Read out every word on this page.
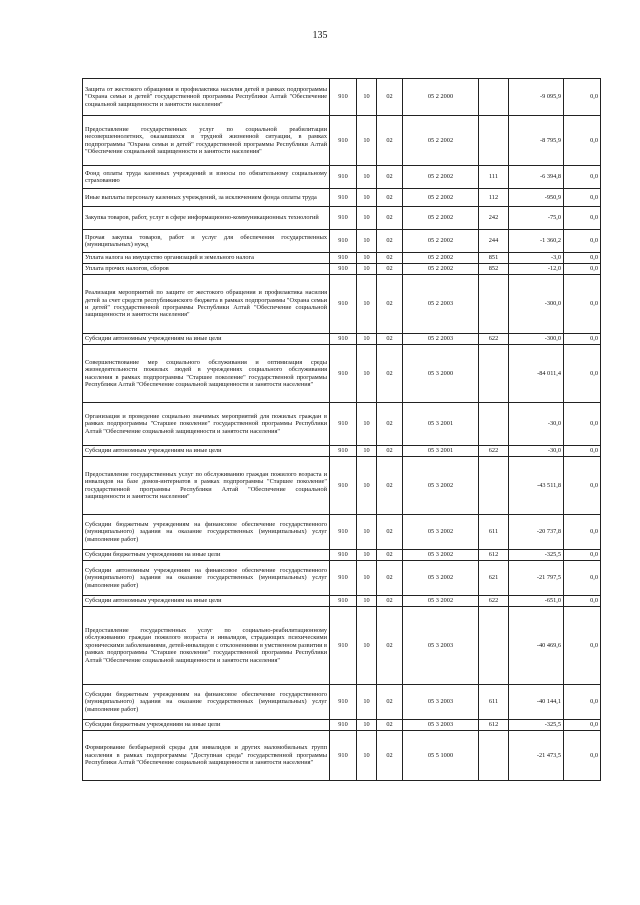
135
Защита от жестокого обращения и профилактика насилия детей в рамках подпрограммы "Охрана семьи и детей" государственной программы Республики Алтай "Обеспечение социальной защищенности и занятости населения"	910	10	02	05 2 2000		-9 095,9	0,0
Предоставление государственных услуг по социальной реабилитации несовершеннолетних, оказавшихся в трудной жизненной ситуации, в рамках подпрограммы "Охрана семьи и детей" государственной программы Республики Алтай "Обеспечение социальной защищенности и занятости населения"	910	10	02	05 2 2002		-8 795,9	0,0
Фонд оплаты труда казенных учреждений и взносы по обязательному социальному страхованию	910	10	02	05 2 2002	111	-6 394,8	0,0
Иные выплаты персоналу казенных учреждений, за исключением фонда оплаты труда	910	10	02	05 2 2002	112	-950,9	0,0
Закупка товаров, работ, услуг в сфере информационно-коммуникационных технологий	910	10	02	05 2 2002	242	-75,0	0,0
Прочая закупка товаров, работ и услуг для обеспечения государственных (муниципальных) нужд	910	10	02	05 2 2002	244	-1 360,2	0,0
Уплата налога на имущество организаций и земельного налога	910	10	02	05 2 2002	851	-3,0	0,0
Уплата прочих налогов, сборов	910	10	02	05 2 2002	852	-12,0	0,0
Реализация мероприятий по защите от жестокого обращения и профилактика насилия детей за счет средств республиканского бюджета в рамках подпрограммы "Охрана семьи и детей" государственной программы Республики Алтай "Обеспечение социальной защищенности и занятости населения"	910	10	02	05 2 2003		-300,0	0,0
Субсидии автономным учреждениям на иные цели	910	10	02	05 2 2003	622	-300,0	0,0
Совершенствование мер социального обслуживания и оптимизация среды жизнедеятельности пожилых людей в учреждениях социального обслуживания населения в рамках подпрограммы "Старшее поколение" государственной программы Республики Алтай "Обеспечение социальной защищенности и занятости населения"	910	10	02	05 3 2000		-84 011,4	0,0
Организация и проведение социально значимых мероприятий для пожилых граждан в рамках подпрограммы "Старшее поколение" государственной программы Республики Алтай "Обеспечение социальной защищенности и занятости населения"	910	10	02	05 3 2001		-30,0	0,0
Субсидии автономным учреждениям на иные цели	910	10	02	05 3 2001	622	-30,0	0,0
Предоставление государственных услуг по обслуживанию граждан пожилого возраста и инвалидов на базе домов-интернатов в рамках подпрограммы "Старшее поколение" государственной программы Республики Алтай "Обеспечение социальной защищенности и занятости населения"	910	10	02	05 3 2002		-43 511,8	0,0
Субсидии бюджетным учреждениям на финансовое обеспечение государственного (муниципального) задания на оказание государственных (муниципальных) услуг (выполнение работ)	910	10	02	05 3 2002	611	-20 737,8	0,0
Субсидии бюджетным учреждениям на иные цели	910	10	02	05 3 2002	612	-325,5	0,0
Субсидии автономным учреждениям на финансовое обеспечение государственного (муниципального) задания на оказание государственных (муниципальных) услуг (выполнение работ)	910	10	02	05 3 2002	621	-21 797,5	0,0
Субсидии автономным учреждениям на иные цели	910	10	02	05 3 2002	622	-651,0	0,0
Предоставление государственных услуг по социально-реабилитационному обслуживанию граждан пожилого возраста и инвалидов, страдающих психическими хроническими заболеваниями, детей-инвалидов с отклонениями в умственном развитии в рамках подпрограммы "Старшее поколение" государственной программы Республики Алтай "Обеспечение социальной защищенности и занятости населения"	910	10	02	05 3 2003		-40 469,6	0,0
Субсидии бюджетным учреждениям на финансовое обеспечение государственного (муниципального) задания на оказание государственных (муниципальных) услуг (выполнение работ)	910	10	02	05 3 2003	611	-40 144,1	0,0
Субсидии бюджетным учреждениям на иные цели	910	10	02	05 3 2003	612	-325,5	0,0
Формирование безбарьерной среды для инвалидов и других маломобильных групп населения в рамках подпрограммы "Доступная среда" государственной программы Республики Алтай "Обеспечение социальной защищенности и занятости населения"	910	10	02	05 5 1000		-21 473,5	0,0
